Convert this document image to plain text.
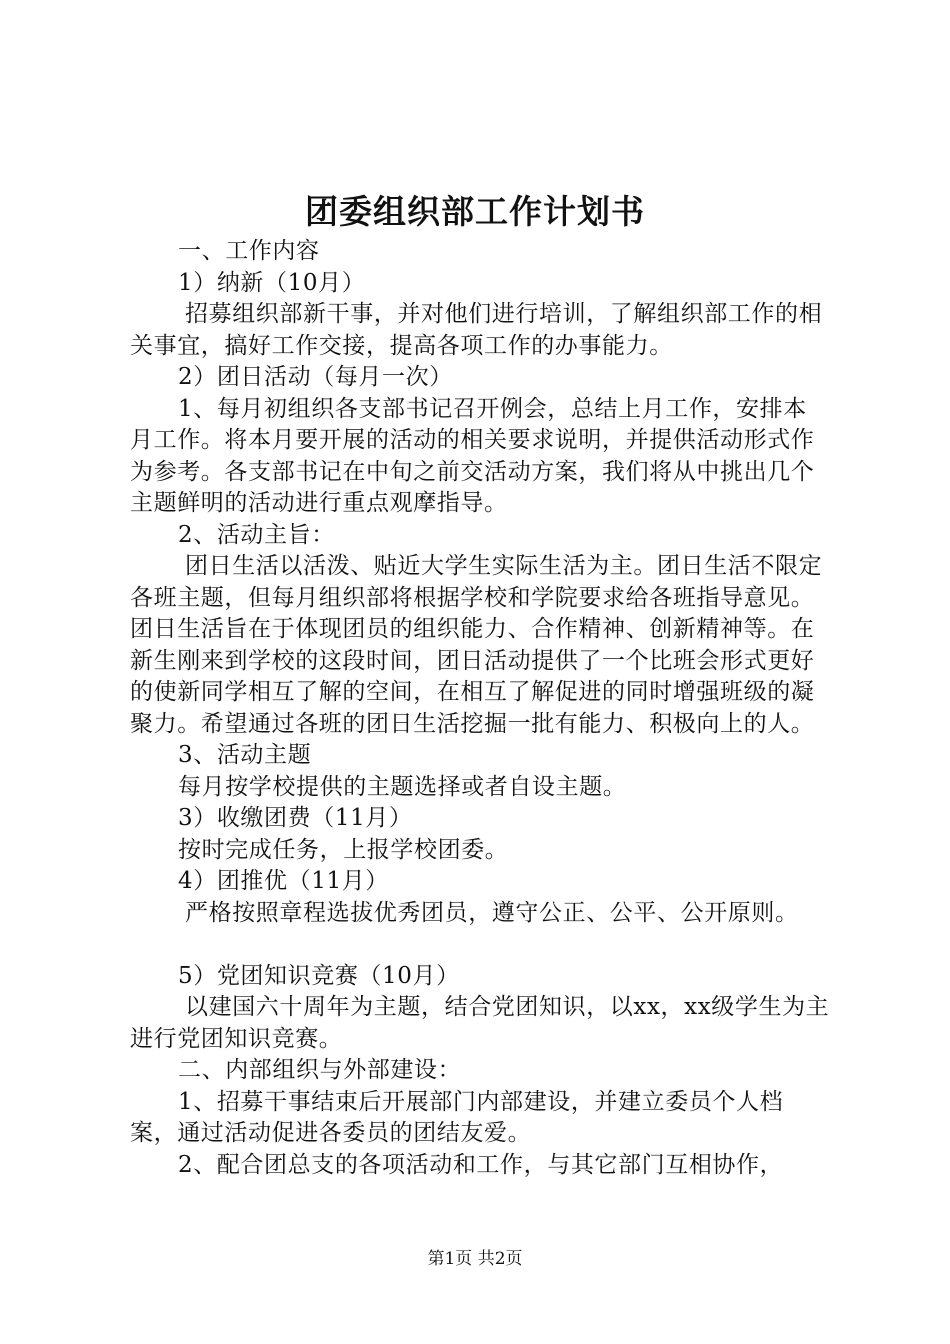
团委组织部工作计划书

一、工作内容

1）纳新（10月）

招募组织部新干事，并对他们进行培训，了解组织部工作的相关事宜，搞好工作交接，提高各项工作的办事能力。

2）团日活动（每月一次）

1、每月初组织各支部书记召开例会，总结上月工作，安排本月工作。将本月要开展的活动的相关要求说明，并提供活动形式作为参考。各支部书记在中旬之前交活动方案，我们将从中挑出几个主题鲜明的活动进行重点观摩指导。

2、活动主旨：

团日生活以活泼、贴近大学生实际生活为主。团日生活不限定各班主题，但每月组织部将根据学校和学院要求给各班指导意见。团日生活旨在于体现团员的组织能力、合作精神、创新精神等。在新生刚来到学校的这段时间，团日活动提供了一个比班会形式更好的使新同学相互了解的空间，在相互了解促进的同时增强班级的凝聚力。希望通过各班的团日生活挖掘一批有能力、积极向上的人。

3、活动主题

每月按学校提供的主题选择或者自设主题。

3）收缴团费（11月）

按时完成任务，上报学校团委。

4）团推优（11月）

严格按照章程选拔优秀团员，遵守公正、公平、公开原则。

5）党团知识竞赛（10月）

以建国六十周年为主题，结合党团知识，以xx，xx级学生为主进行党团知识竞赛。

二、内部组织与外部建设：

1、招募干事结束后开展部门内部建设，并建立委员个人档案，通过活动促进各委员的团结友爱。

2、配合团总支的各项活动和工作，与其它部门互相协作，

第1页 共2页
